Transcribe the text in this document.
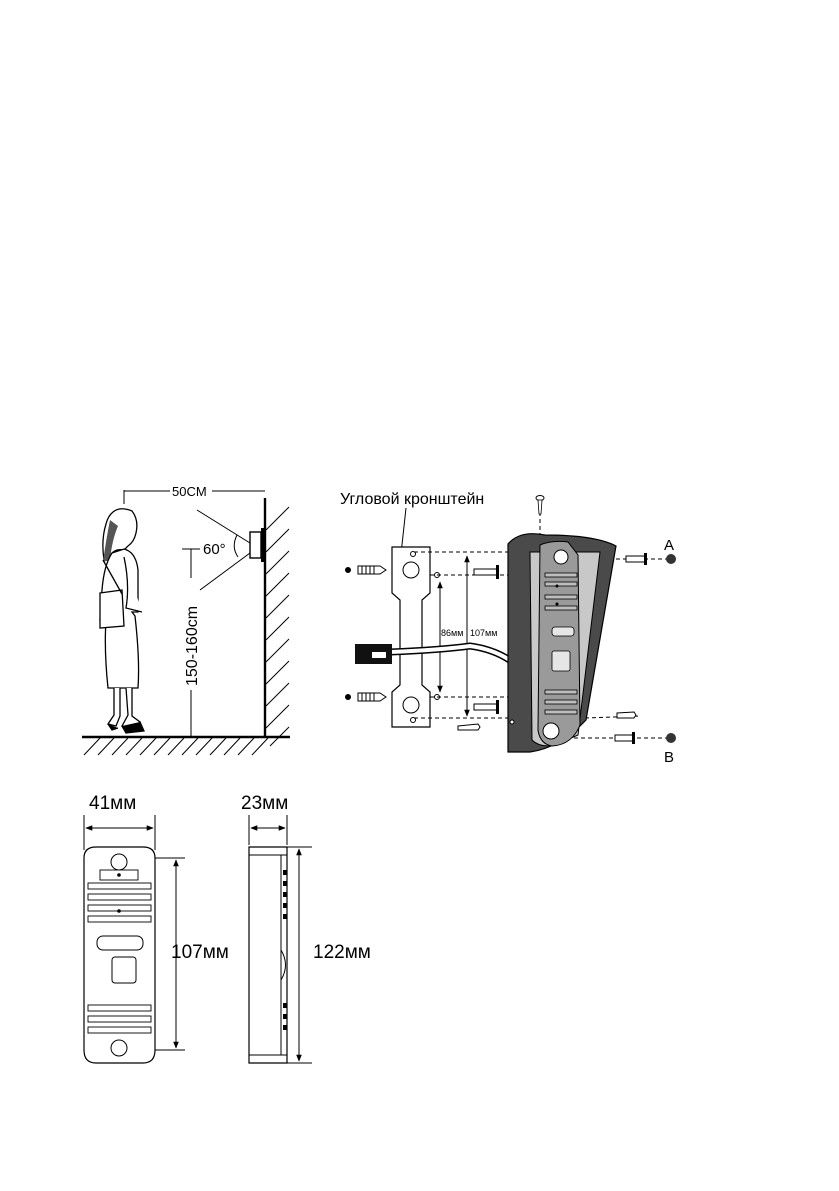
60°
50CM
150-160cm
Угловой кронштейн
86мм 107мм
A
B
41мм
107мм
23мм
122мм
